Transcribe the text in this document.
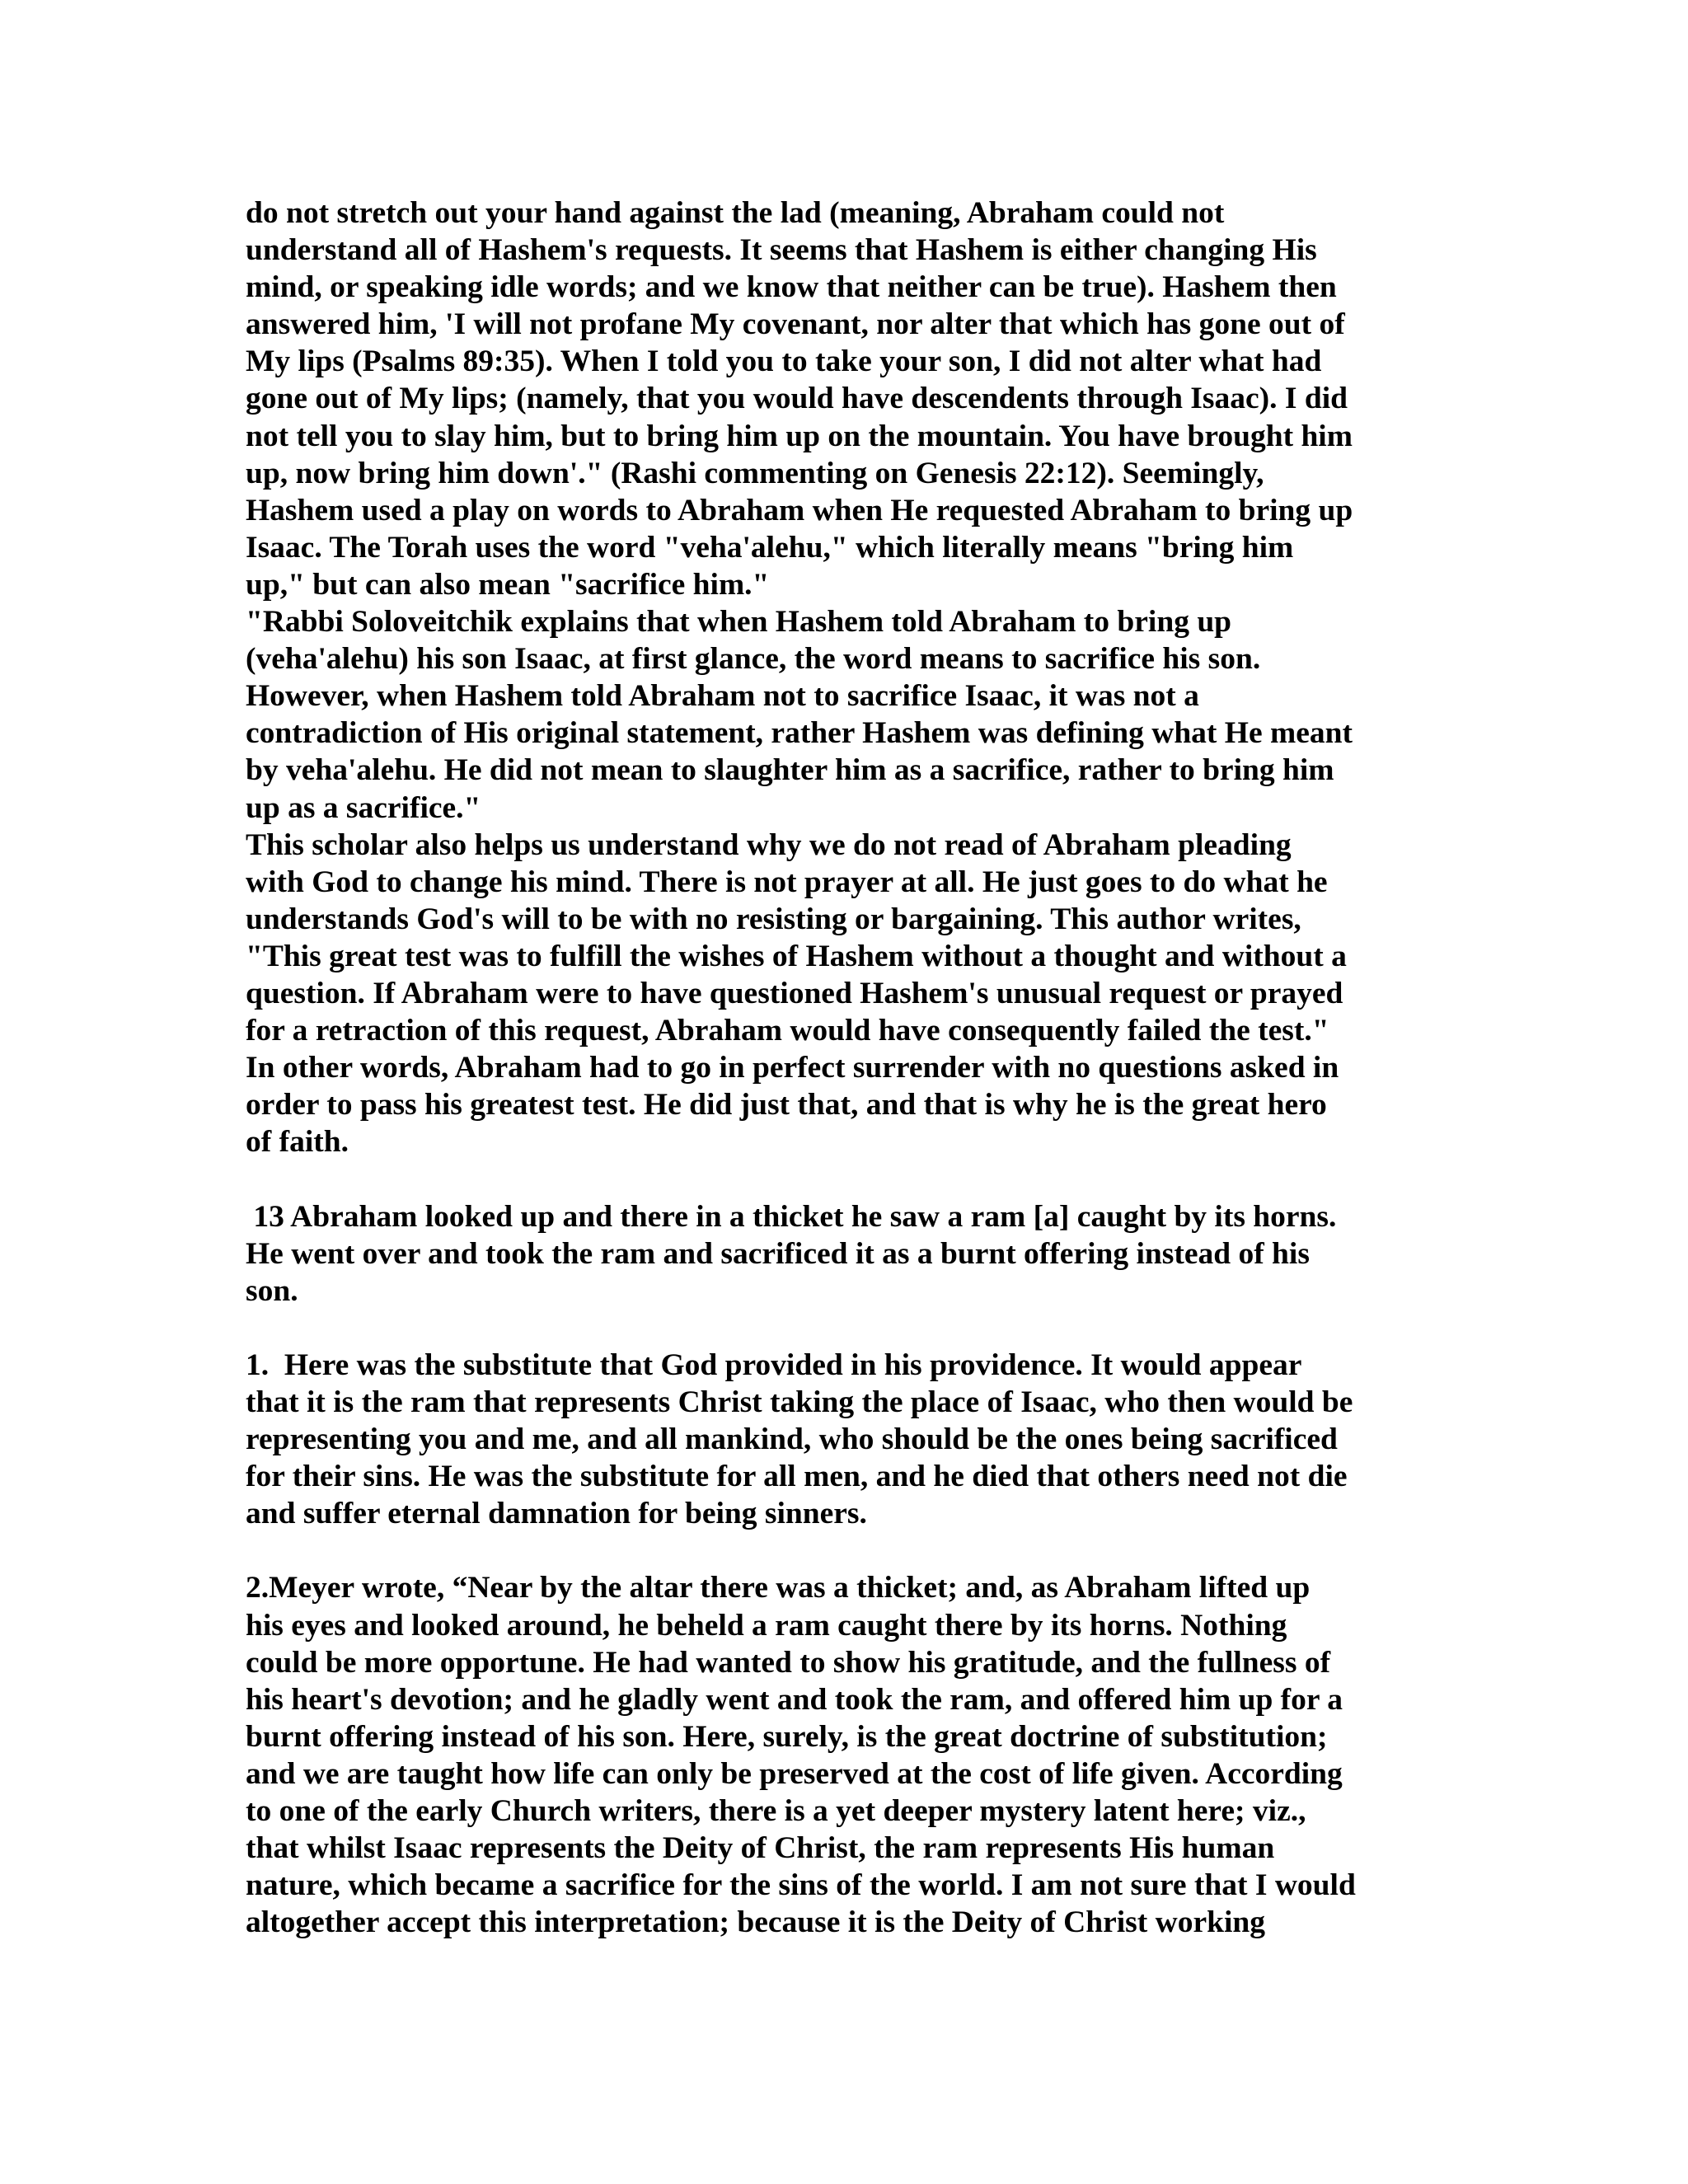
do not stretch out your hand against the lad (meaning, Abraham could not
understand all of Hashem's requests. It seems that Hashem is either changing His
mind, or speaking idle words; and we know that neither can be true). Hashem then
answered him, 'I will not profane My covenant, nor alter that which has gone out of
My lips (Psalms 89:35). When I told you to take your son, I did not alter what had
gone out of My lips; (namely, that you would have descendents through Isaac). I did
not tell you to slay him, but to bring him up on the mountain. You have brought him
up, now bring him down'." (Rashi commenting on Genesis 22:12). Seemingly,
Hashem used a play on words to Abraham when He requested Abraham to bring up
Isaac. The Torah uses the word "veha'alehu," which literally means "bring him
up," but can also mean "sacrifice him."
"Rabbi Soloveitchik explains that when Hashem told Abraham to bring up
(veha'alehu) his son Isaac, at first glance, the word means to sacrifice his son.
However, when Hashem told Abraham not to sacrifice Isaac, it was not a
contradiction of His original statement, rather Hashem was defining what He meant
by veha'alehu. He did not mean to slaughter him as a sacrifice, rather to bring him
up as a sacrifice."
This scholar also helps us understand why we do not read of Abraham pleading
with God to change his mind. There is not prayer at all. He just goes to do what he
understands God's will to be with no resisting or bargaining. This author writes,
"This great test was to fulfill the wishes of Hashem without a thought and without a
question. If Abraham were to have questioned Hashem's unusual request or prayed
for a retraction of this request, Abraham would have consequently failed the test."
In other words, Abraham had to go in perfect surrender with no questions asked in
order to pass his greatest test. He did just that, and that is why he is the great hero
of faith.
13 Abraham looked up and there in a thicket he saw a ram [a] caught by its horns.
He went over and took the ram and sacrificed it as a burnt offering instead of his
son.
1.  Here was the substitute that God provided in his providence. It would appear
that it is the ram that represents Christ taking the place of Isaac, who then would be
representing you and me, and all mankind, who should be the ones being sacrificed
for their sins. He was the substitute for all men, and he died that others need not die
and suffer eternal damnation for being sinners.
2.Meyer wrote, “Near by the altar there was a thicket; and, as Abraham lifted up
his eyes and looked around, he beheld a ram caught there by its horns. Nothing
could be more opportune. He had wanted to show his gratitude, and the fullness of
his heart's devotion; and he gladly went and took the ram, and offered him up for a
burnt offering instead of his son. Here, surely, is the great doctrine of substitution;
and we are taught how life can only be preserved at the cost of life given. According
to one of the early Church writers, there is a yet deeper mystery latent here; viz.,
that whilst Isaac represents the Deity of Christ, the ram represents His human
nature, which became a sacrifice for the sins of the world. I am not sure that I would
altogether accept this interpretation; because it is the Deity of Christ working
